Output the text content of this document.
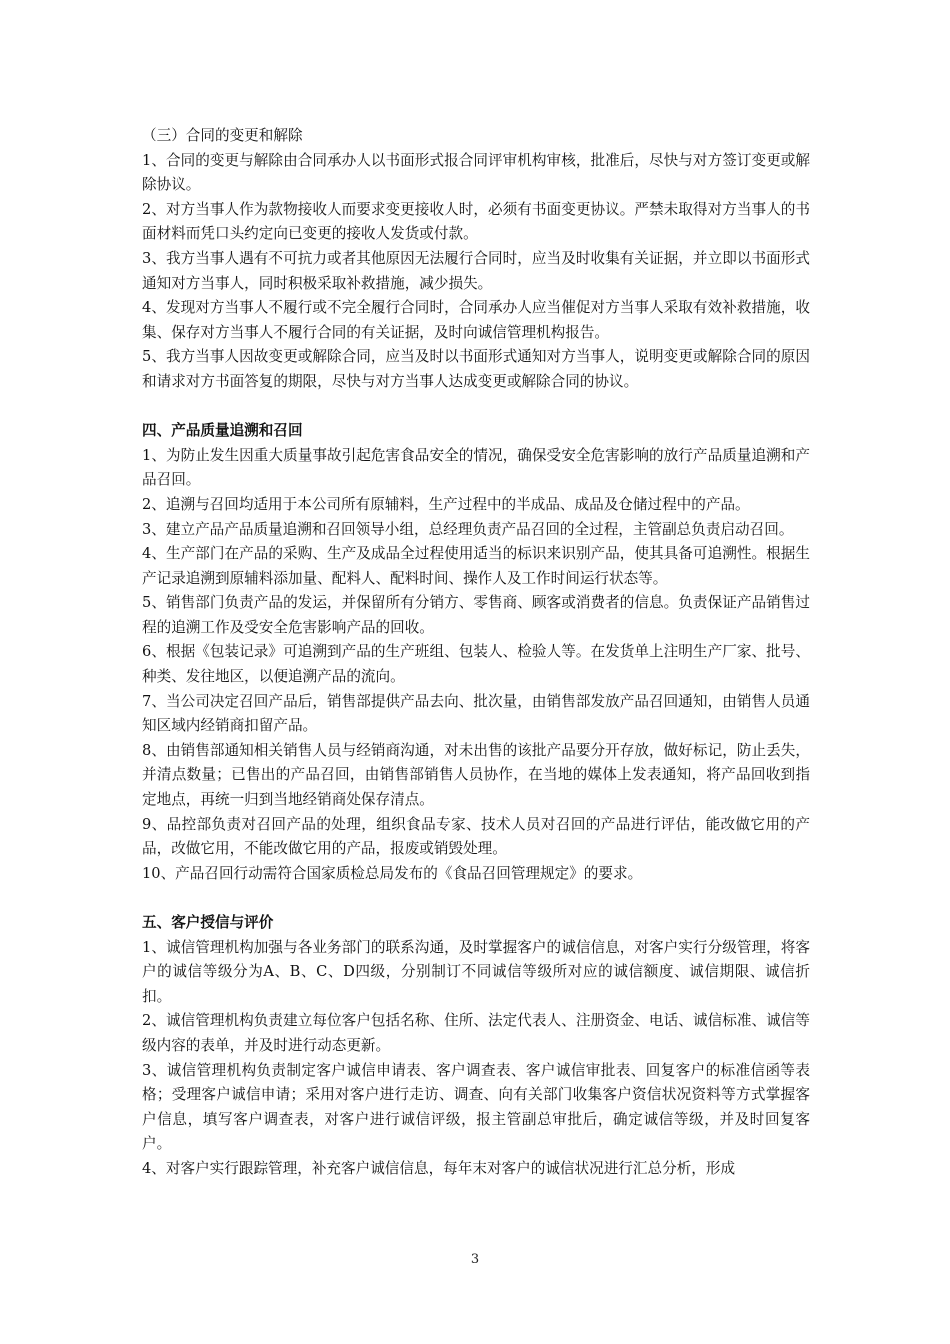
（三）合同的变更和解除

1、合同的变更与解除由合同承办人以书面形式报合同评审机构审核，批准后，尽快与对方签订变更或解除协议。

2、对方当事人作为款物接收人而要求变更接收人时，必须有书面变更协议。严禁未取得对方当事人的书面材料而凭口头约定向已变更的接收人发货或付款。

3、我方当事人遇有不可抗力或者其他原因无法履行合同时，应当及时收集有关证据，并立即以书面形式通知对方当事人，同时积极采取补救措施，减少损失。

4、发现对方当事人不履行或不完全履行合同时，合同承办人应当催促对方当事人采取有效补救措施，收集、保存对方当事人不履行合同的有关证据，及时向诚信管理机构报告。

5、我方当事人因故变更或解除合同，应当及时以书面形式通知对方当事人，说明变更或解除合同的原因和请求对方书面答复的期限，尽快与对方当事人达成变更或解除合同的协议。

四、产品质量追溯和召回

1、为防止发生因重大质量事故引起危害食品安全的情况，确保受安全危害影响的放行产品质量追溯和产品召回。

2、追溯与召回均适用于本公司所有原辅料，生产过程中的半成品、成品及仓储过程中的产品。

3、建立产品产品质量追溯和召回领导小组，总经理负责产品召回的全过程，主管副总负责启动召回。

4、生产部门在产品的采购、生产及成品全过程使用适当的标识来识别产品，使其具备可追溯性。根据生产记录追溯到原辅料添加量、配料人、配料时间、操作人及工作时间运行状态等。

5、销售部门负责产品的发运，并保留所有分销方、零售商、顾客或消费者的信息。负责保证产品销售过程的追溯工作及受安全危害影响产品的回收。

6、根据《包装记录》可追溯到产品的生产班组、包装人、检验人等。在发货单上注明生产厂家、批号、种类、发往地区，以便追溯产品的流向。

7、当公司决定召回产品后，销售部提供产品去向、批次量，由销售部发放产品召回通知，由销售人员通知区域内经销商扣留产品。

8、由销售部通知相关销售人员与经销商沟通，对未出售的该批产品要分开存放，做好标记，防止丢失，并清点数量；已售出的产品召回，由销售部销售人员协作，在当地的媒体上发表通知，将产品回收到指定地点，再统一归到当地经销商处保存清点。

9、品控部负责对召回产品的处理，组织食品专家、技术人员对召回的产品进行评估，能改做它用的产品，改做它用，不能改做它用的产品，报废或销毁处理。

10、产品召回行动需符合国家质检总局发布的《食品召回管理规定》的要求。

五、客户授信与评价

1、诚信管理机构加强与各业务部门的联系沟通，及时掌握客户的诚信信息，对客户实行分级管理，将客户的诚信等级分为A、B、C、D四级，分别制订不同诚信等级所对应的诚信额度、诚信期限、诚信折扣。

2、诚信管理机构负责建立每位客户包括名称、住所、法定代表人、注册资金、电话、诚信标准、诚信等级内容的表单，并及时进行动态更新。

3、诚信管理机构负责制定客户诚信申请表、客户调查表、客户诚信审批表、回复客户的标准信函等表格；受理客户诚信申请；采用对客户进行走访、调查、向有关部门收集客户资信状况资料等方式掌握客户信息，填写客户调查表，对客户进行诚信评级，报主管副总审批后，确定诚信等级，并及时回复客户。

4、对客户实行跟踪管理，补充客户诚信信息，每年末对客户的诚信状况进行汇总分析，形成

3
